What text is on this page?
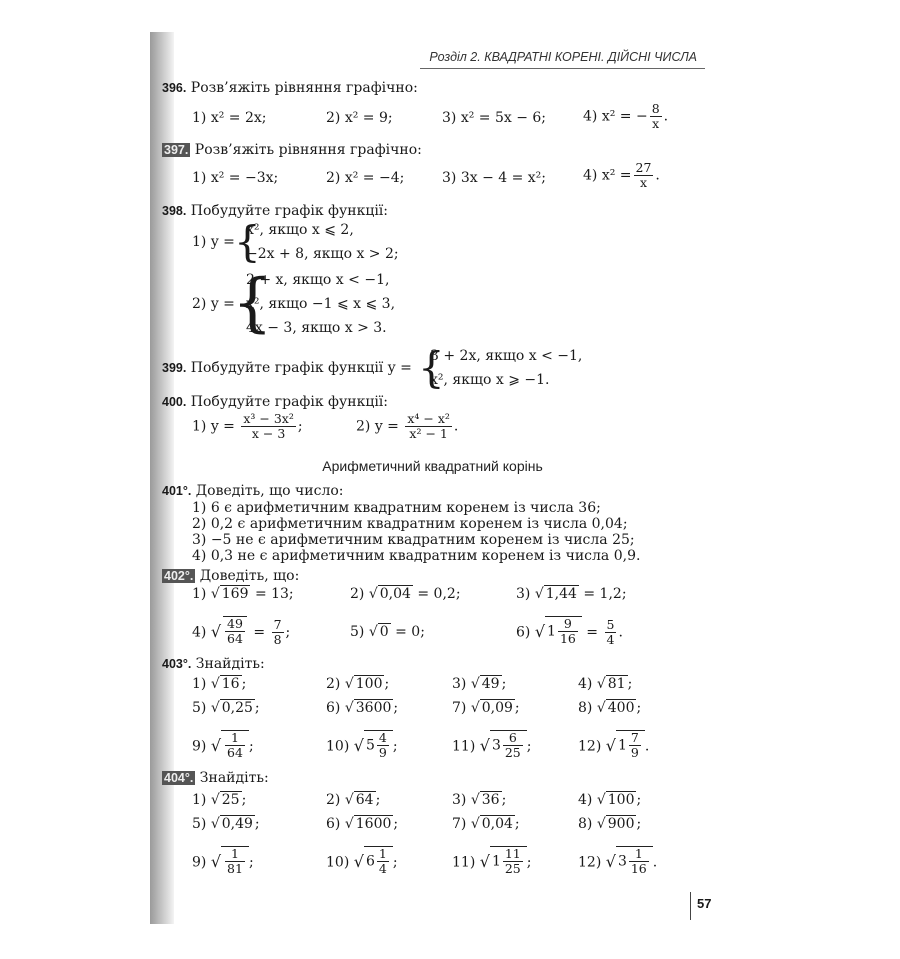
Розділ 2. КВАДРАТНІ КОРЕНІ. ДІЙСНІ ЧИСЛА
396. Розв’яжіть рівняння графічно:
1) x² = 2x;	2) x² = 9;	3) x² = 5x − 6;	4) x² = − $\frac{8}{x}$ .
397. Розв’яжіть рівняння графічно:
1) x² = −3x;	2) x² = −4;	3) 3x − 4 = x²;	4) $x^2 = \frac{27}{x}$ .
398. Побудуйте графік функції:
1) y = {
x², якщо x ⩽ 2,
−2x + 8, якщо x > 2;
2) y =
{
2 + x, якщо x < −1,
x², якщо −1 ⩽ x ⩽ 3,
4x − 3, якщо x > 3.
399. Побудуйте графік функції y = {
3 + 2x, якщо x < −1,
x², якщо x ⩾ −1.
400. Побудуйте графік функції:
1) $y = \frac{\text{x³ − 3x²}}{x - 3}$ ;	2) $y = \frac{\text{x⁴ − x²}}{\text{x² − 1}}$ .
Арифметичний квадратний корінь
401°. Доведіть, що число:
1) 6 є арифметичним квадратним коренем із числа 36;
2) 0,2 є арифметичним квадратним коренем із числа 0,04;
3) −5 не є арифметичним квадратним коренем із числа 25;
4) 0,3 не є арифметичним квадратним коренем із числа 0,9.
402°. Доведіть, що:
1) √ 169 = 13;	2) √ 0,04 = 0,2;	3) √ 1,44 = 1,2;
4) √ $\frac{49}{64} = \frac{7}{8}$ ;	5) √ 0 = 0;	6) √ $1 \frac{9}{16} = \frac{5}{4}$ .
403°. Знайдіть:
1) √ 16 ;	2) √ 100 ;	3) √ 49 ;	4) √ 81 ;
5) √ 0,25 ;	6) √ 3600 ;	7) √ 0,09 ;	8) √ 400 ;
9) √ $\frac{1}{64}$ ;	10) √ $5 \frac{4}{9}$ ;	11) √ $3 \frac{6}{25}$ ;	12) √ $1 \frac{7}{9}$ .
404°. Знайдіть:
1) √ 25 ;	2) √ 64 ;	3) √ 36 ;	4) √ 100 ;
5) √ 0,49 ;	6) √ 1600 ;	7) √ 0,04 ;	8) √ 900 ;
9) √ $\frac{1}{81}$ ;	10) √ $6 \frac{1}{4}$ ;	11) √ $1 \frac{11}{25}$ ;	12) √ $3 \frac{1}{16}$ .
57
